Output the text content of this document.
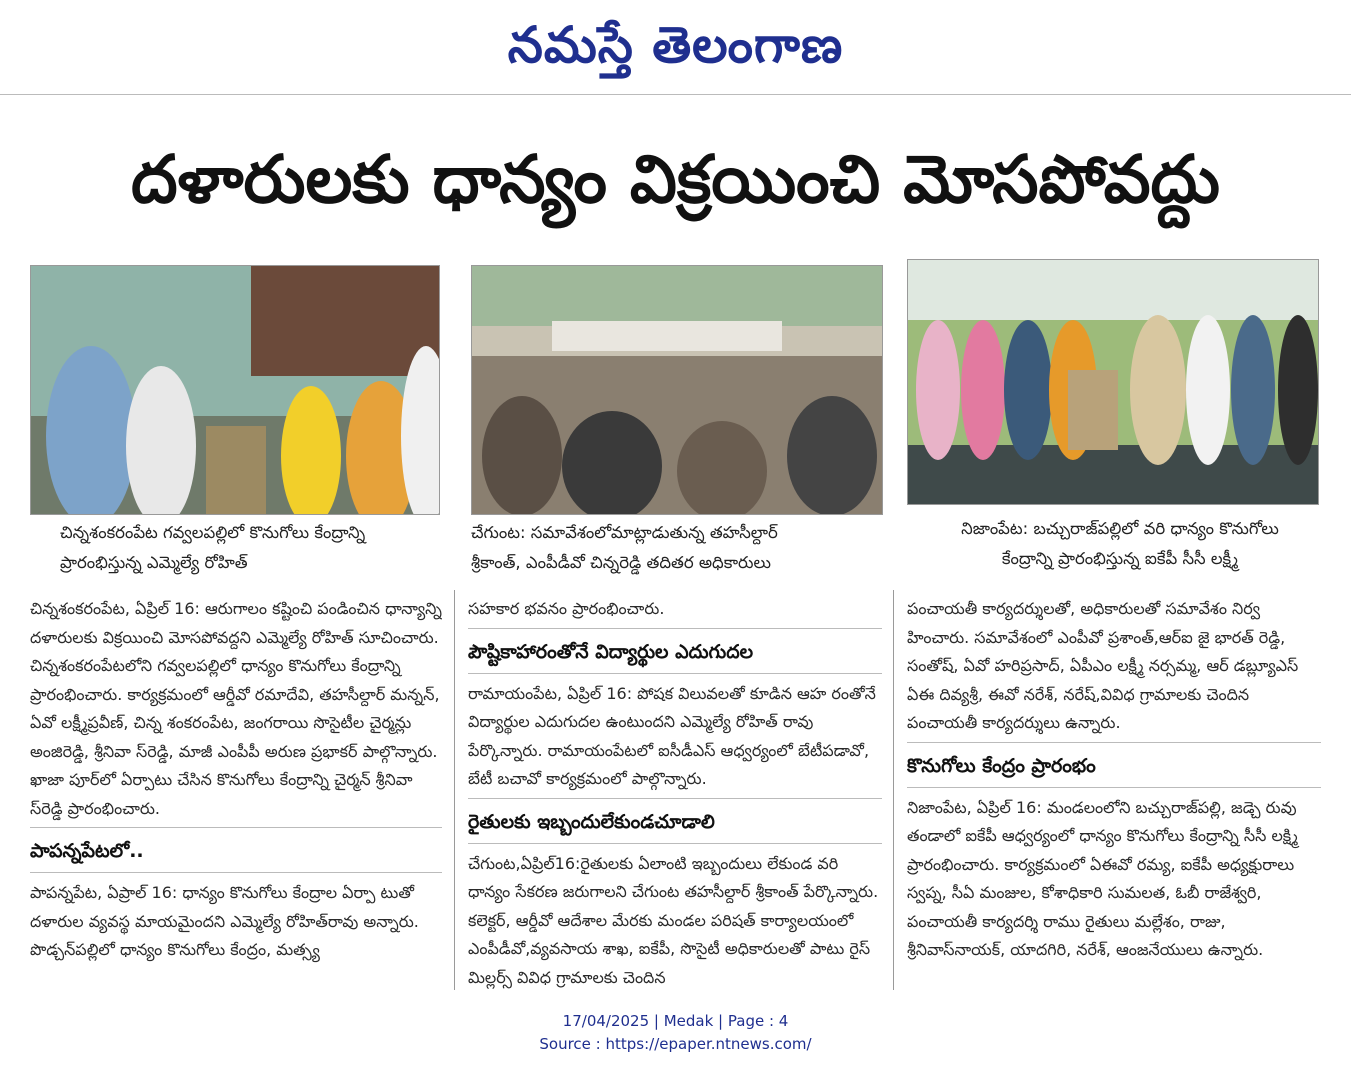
నమస్తే తెలంగాణ
దళారులకు ధాన్యం విక్రయించి మోసపోవద్దు
చిన్నశంకరంపేట గవ్వలపల్లిలో కొనుగోలు కేంద్రాన్ని
ప్రారంభిస్తున్న ఎమ్మెల్యే రోహిత్
చేగుంట: సమావేశంలోమాట్లాడుతున్న తహసీల్దార్
శ్రీకాంత్, ఎంపీడీవో చిన్నరెడ్డి తదితర అధికారులు
నిజాంపేట: బచ్చురాజ్‌పల్లిలో వరి ధాన్యం కొనుగోలు
కేంద్రాన్ని ప్రారంభిస్తున్న ఐకేపీ సీసీ లక్ష్మీ

చిన్నశంకరంపేట, ఏప్రిల్ 16: ఆరుగాలం కష్టించి పండించిన ధాన్యాన్ని దళారులకు విక్రయించి మోసపోవద్దని ఎమ్మెల్యే రోహిత్ సూచించారు. చిన్నశంకరంపేటలోని గవ్వలపల్లిలో ధాన్యం కొనుగోలు కేంద్రాన్ని ప్రారంభించారు. కార్యక్రమంలో ఆర్డీవో రమాదేవి, తహసీల్దార్ మన్నన్, ఏవో లక్ష్మీప్రవీణ్, చిన్న శంకరంపేట, జంగరాయి సొసైటీల చైర్మన్లు అంజిరెడ్డి, శ్రీనివా స్‌రెడ్డి, మాజీ ఎంపీపీ అరుణ ప్రభాకర్ పాల్గొన్నారు. ఖాజా పూర్‌లో ఏర్పాటు చేసిన కొనుగోలు కేంద్రాన్ని చైర్మన్ శ్రీనివా స్‌రెడ్డి ప్రారంభించారు.

పాపన్నపేటలో..

పాపన్నపేట, ఏప్రాల్ 16: ధాన్యం కొనుగోలు కేంద్రాల ఏర్పా టుతో దళారుల వ్యవస్థ మాయమైందని ఎమ్మెల్యే రోహిత్‌రావు అన్నారు. పొడ్చన్‌పల్లిలో ధాన్యం కొనుగోలు కేంద్రం, మత్స్య

సహకార భవనం ప్రారంభించారు.

పౌష్టికాహారంతోనే విద్యార్థుల ఎదుగుదల

రామాయంపేట, ఏప్రిల్ 16: పోషక విలువలతో కూడిన ఆహ రంతోనే విద్యార్థుల ఎదుగుదల ఉంటుందని ఎమ్మెల్యే రోహిత్ రావు పేర్కొన్నారు. రామాయంపేటలో ఐసీడీఎస్ ఆధ్వర్యంలో బేటీపడావో, బేటీ బచావో కార్యక్రమంలో పాల్గొన్నారు.

రైతులకు ఇబ్బందులేకుండచూడాలి

చేగుంట,ఏప్రిల్16:రైతులకు ఏలాంటి ఇబ్బందులు లేకుండ వరి ధాన్యం సేకరణ జరుగాలని చేగుంట తహసీల్దార్ శ్రీకాంత్ పేర్కొన్నారు. కలెక్టర్, ఆర్డీవో ఆదేశాల మేరకు మండల పరిషత్ కార్యాలయంలో ఎంపీడీవో,వ్యవసాయ శాఖ, ఐకేపీ, సొసైటీ అధికారులతో పాటు రైస్ మిల్లర్స్ వివిధ గ్రామాలకు చెందిన

పంచాయతీ కార్యదర్శులతో, అధికారులతో సమావేశం నిర్వ హించారు. సమావేశంలో ఎంపీవో ప్రశాంత్,ఆర్ఐ జై భారత్ రెడ్డి, సంతోష్, ఏవో హరిప్రసాద్, ఏపీఎం లక్ష్మీ నర్సమ్మ, ఆర్ డబ్ల్యూఎస్ ఏఈ దివ్యశ్రీ, ఈవో నరేశ్, నరేష్,వివిధ గ్రామాలకు చెందిన పంచాయతీ కార్యదర్శులు ఉన్నారు.

కొనుగోలు కేంద్రం ప్రారంభం

నిజాంపేట, ఏప్రిల్ 16: మండలంలోని బచ్చురాజ్‌పల్లి, జడ్చె రువు తండాలో ఐకేపీ ఆధ్వర్యంలో ధాన్యం కొనుగోలు కేంద్రాన్ని సీసీ లక్ష్మి ప్రారంభించారు. కార్యక్రమంలో ఏఈవో రమ్య, ఐకేపీ అధ్యక్షురాలు స్వప్న, సీఏ మంజుల, కోశాధికారి సుమలత, ఓబీ రాజేశ్వరి, పంచాయతీ కార్యదర్శి రాము రైతులు మల్లేశం, రాజు, శ్రీనివాస్‌నాయక్, యాదగిరి, నరేశ్, ఆంజనేయులు ఉన్నారు.

17/04/2025 | Medak | Page : 4
Source : https://epaper.ntnews.com/
